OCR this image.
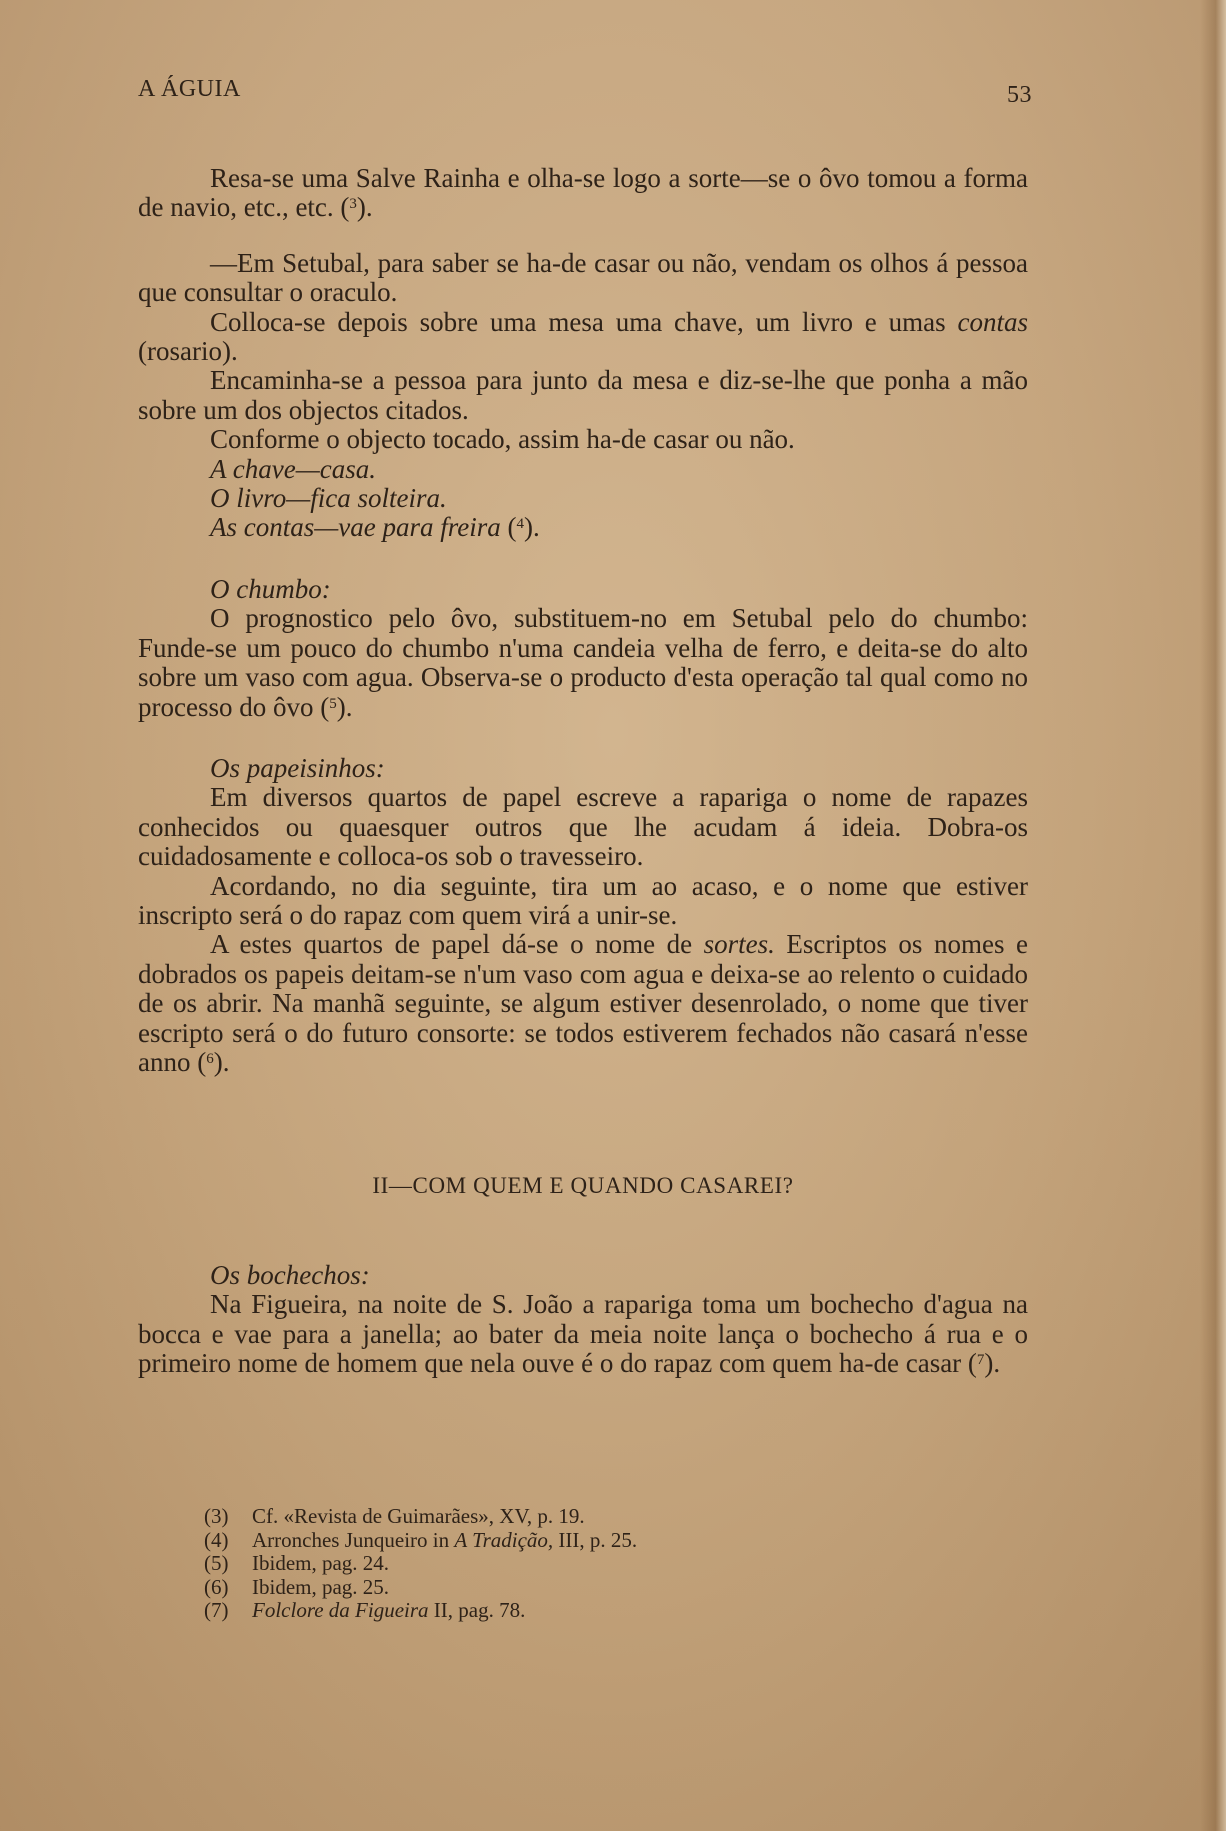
A ÁGUIA	53

Resa-se uma Salve Rainha e olha-se logo a sorte—se o ôvo tomou a forma de navio, etc., etc. ($^3$).

—Em Setubal, para saber se ha-de casar ou não, vendam os olhos á pessoa que consultar o oraculo.

Colloca-se depois sobre uma mesa uma chave, um livro e umas contas (rosario).

Encaminha-se a pessoa para junto da mesa e diz-se-lhe que ponha a mão sobre um dos objectos citados.

Conforme o objecto tocado, assim ha-de casar ou não.

A chave—casa.

O livro—fica solteira.

As contas—vae para freira ($^4$).

O chumbo:

O prognostico pelo ôvo, substituem-no em Setubal pelo do chumbo: Funde-se um pouco do chumbo n'uma candeia velha de ferro, e deita-se do alto sobre um vaso com agua. Observa-se o producto d'esta operação tal qual como no processo do ôvo ($^5$).

Os papeisinhos:

Em diversos quartos de papel escreve a rapariga o nome de rapazes conhecidos ou quaesquer outros que lhe acudam á ideia. Dobra-os cuidadosamente e colloca-os sob o travesseiro.

Acordando, no dia seguinte, tira um ao acaso, e o nome que estiver inscripto será o do rapaz com quem virá a unir-se.

A estes quartos de papel dá-se o nome de sortes. Escriptos os nomes e dobrados os papeis deitam-se n'um vaso com agua e deixa-se ao relento o cuidado de os abrir. Na manhã seguinte, se algum estiver desenrolado, o nome que tiver escripto será o do futuro consorte: se todos estiverem fechados não casará n'esse anno ($^6$).

II—COM QUEM E QUANDO CASAREI?

Os bochechos:

Na Figueira, na noite de S. João a rapariga toma um bochecho d'agua na bocca e vae para a janella; ao bater da meia noite lança o bochecho á rua e o primeiro nome de homem que nela ouve é o do rapaz com quem ha-de casar ($^7$).

(3) Cf. «Revista de Guimarães», XV, p. 19.

(4) Arronches Junqueiro in A Tradição, III, p. 25.

(5) Ibidem, pag. 24.

(6) Ibidem, pag. 25.

(7) Folclore da Figueira II, pag. 78.
